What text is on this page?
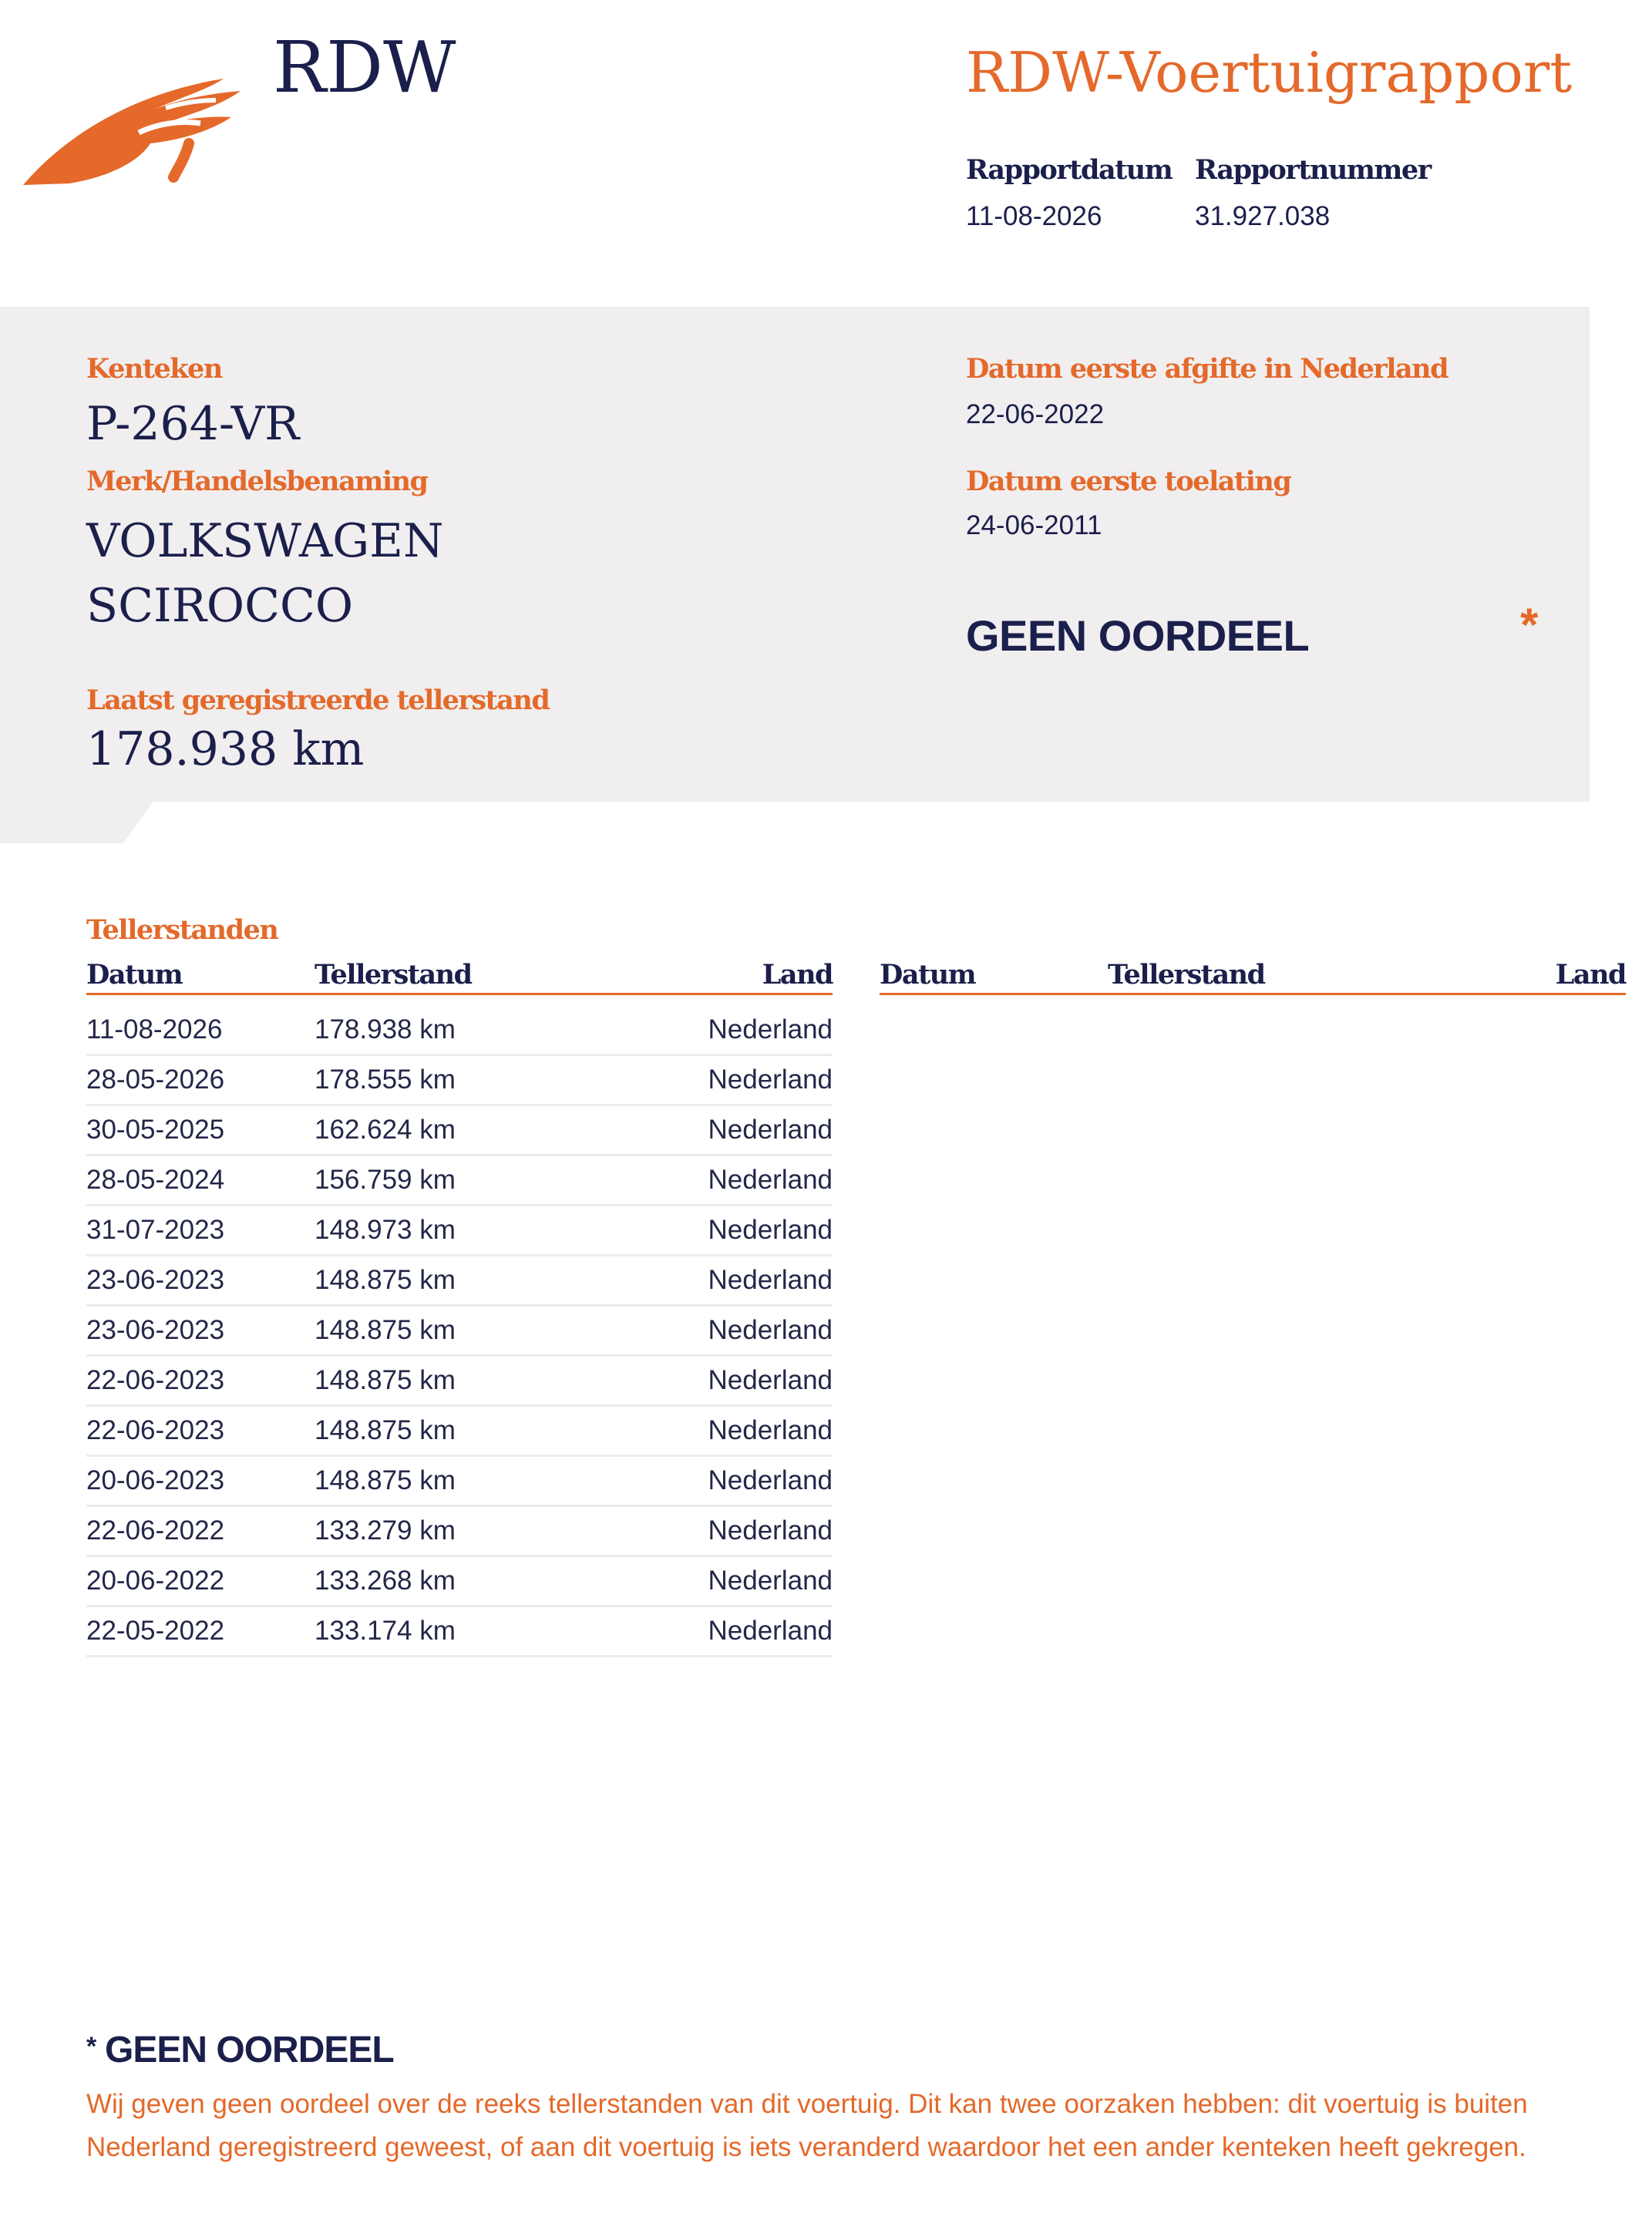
RDW	RDW-Voertuigrapport
Rapportdatum
11-08-2026
Rapportnummer
31.927.038
Kenteken
P-264-VR
Merk/Handelsbenaming
VOLKSWAGEN
SCIROCCO
Laatst geregistreerde tellerstand
178.938 km
Datum eerste afgifte in Nederland
22-06-2022
Datum eerste toelating
24-06-2011
GEEN OORDEEL	*
Tellerstanden
Datum	Tellerstand	Land Datum	Tellerstand	Land
11-08-2026	178.938 km	Nederland
28-05-2026	178.555 km	Nederland
30-05-2025	162.624 km	Nederland
28-05-2024	156.759 km	Nederland
31-07-2023	148.973 km	Nederland
23-06-2023	148.875 km	Nederland
23-06-2023	148.875 km	Nederland
22-06-2023	148.875 km	Nederland
22-06-2023	148.875 km	Nederland
20-06-2023	148.875 km	Nederland
22-06-2022	133.279 km	Nederland
20-06-2022	133.268 km	Nederland
22-05-2022	133.174 km	Nederland
* GEEN OORDEEL
Wij geven geen oordeel over de reeks tellerstanden van dit voertuig. Dit kan twee oorzaken hebben: dit voertuig is buiten Nederland geregistreerd geweest, of aan dit voertuig is iets veranderd waardoor het een ander kenteken heeft gekregen.
